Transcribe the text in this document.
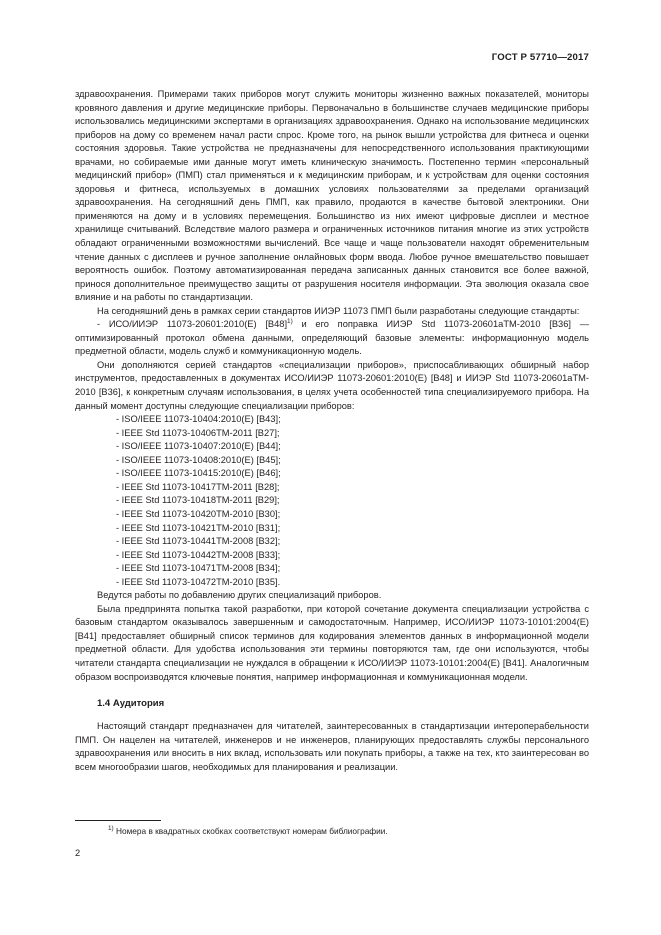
ГОСТ Р 57710—2017

здравоохранения. Примерами таких приборов могут служить мониторы жизненно важных показателей, мониторы кровяного давления и другие медицинские приборы. Первоначально в большинстве случаев медицинские приборы использовались медицинскими экспертами в организациях здравоохранения. Однако на использование медицинских приборов на дому со временем начал расти спрос. Кроме того, на рынок вышли устройства для фитнеса и оценки состояния здоровья. Такие устройства не предназначены для непосредственного использования практикующими врачами, но собираемые ими данные могут иметь клиническую значимость. Постепенно термин «персональный медицинский прибор» (ПМП) стал применяться и к медицинским приборам, и к устройствам для оценки состояния здоровья и фитнеса, используемых в домашних условиях пользователями за пределами организаций здравоохранения. На сегодняшний день ПМП, как правило, продаются в качестве бытовой электроники. Они применяются на дому и в условиях перемещения. Большинство из них имеют цифровые дисплеи и местное хранилище считываний. Вследствие малого размера и ограниченных источников питания многие из этих устройств обладают ограниченными возможностями вычислений. Все чаще и чаще пользователи находят обременительным чтение данных с дисплеев и ручное заполнение онлайновых форм ввода. Любое ручное вмешательство повышает вероятность ошибок. Поэтому автоматизированная передача записанных данных становится все более важной, принося дополнительное преимущество защиты от разрушения носителя информации. Эта эволюция оказала свое влияние и на работы по стандартизации.

На сегодняшний день в рамках серии стандартов ИИЭР 11073 ПМП были разработаны следующие стандарты:

- ИСО/ИИЭР 11073-20601:2010(E) [B48]$^{1)}$ и его поправка ИИЭР Std 11073-20601aTM-2010 [B36] — оптимизированный протокол обмена данными, определяющий базовые элементы: информационную модель предметной области, модель служб и коммуникационную модель.

Они дополняются серией стандартов «специализации приборов», приспосабливающих обширный набор инструментов, предоставленных в документах ИСО/ИИЭР 11073-20601:2010(E) [B48] и ИИЭР Std 11073-20601aTM-2010 [B36], к конкретным случаям использования, в целях учета особенностей типа специализируемого прибора. На данный момент доступны следующие специализации приборов:

- ISO/IEEE 11073-10404:2010(E) [B43];
- IEEE Std 11073-10406TM-2011 [B27];
- ISO/IEEE 11073-10407:2010(E) [B44];
- ISO/IEEE 11073-10408:2010(E) [B45];
- ISO/IEEE 11073-10415:2010(E) [B46];
- IEEE Std 11073-10417TM-2011 [B28];
- IEEE Std 11073-10418TM-2011 [B29];
- IEEE Std 11073-10420TM-2010 [B30];
- IEEE Std 11073-10421TM-2010 [B31];
- IEEE Std 11073-10441TM-2008 [B32];
- IEEE Std 11073-10442TM-2008 [B33];
- IEEE Std 11073-10471TM-2008 [B34];
- IEEE Std 11073-10472TM-2010 [B35].

Ведутся работы по добавлению других специализаций приборов.

Была предпринята попытка такой разработки, при которой сочетание документа специализации устройства с базовым стандартом оказывалось завершенным и самодостаточным. Например, ИСО/ИИЭР 11073-10101:2004(E) [B41] предоставляет обширный список терминов для кодирования элементов данных в информационной модели предметной области. Для удобства использования эти термины повторяются там, где они используются, чтобы читатели стандарта специализации не нуждался в обращении к ИСО/ИИЭР 11073-10101:2004(E) [B41]. Аналогичным образом воспроизводятся ключевые понятия, например информационная и коммуникационная модели.

1.4 Аудитория

Настоящий стандарт предназначен для читателей, заинтересованных в стандартизации интероперабельности ПМП. Он нацелен на читателей, инженеров и не инженеров, планирующих предоставлять службы персонального здравоохранения или вносить в них вклад, использовать или покупать приборы, а также на тех, кто заинтересован во всем многообразии шагов, необходимых для планирования и реализации.

$^{1)}$ Номера в квадратных скобках соответствуют номерам библиографии.

2
